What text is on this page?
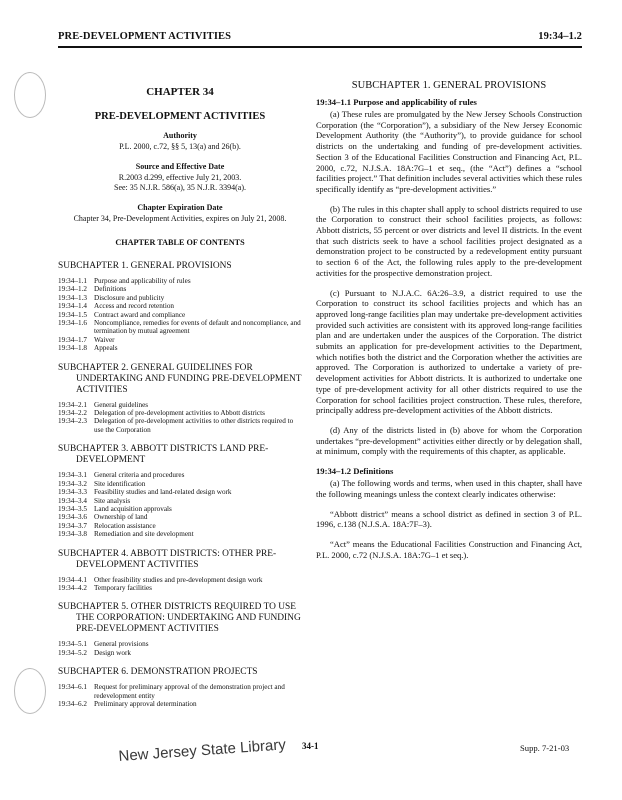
PRE-DEVELOPMENT ACTIVITIES	19:34–1.2

CHAPTER 34

PRE-DEVELOPMENT ACTIVITIES

Authority

P.L. 2000, c.72, §§ 5, 13(a) and 26(b).

Source and Effective Date

R.2003 d.299, effective July 21, 2003.

See: 35 N.J.R. 586(a), 35 N.J.R. 3394(a).

Chapter Expiration Date

Chapter 34, Pre-Development Activities, expires on July 21, 2008.

CHAPTER TABLE OF CONTENTS

SUBCHAPTER 1. GENERAL PROVISIONS

19:34–1.1 Purpose and applicability of rules
19:34–1.2 Definitions
19:34–1.3 Disclosure and publicity
19:34–1.4 Access and record retention
19:34–1.5 Contract award and compliance
19:34–1.6 Noncompliance, remedies for events of default and noncompliance, and termination by mutual agreement
19:34–1.7 Waiver
19:34–1.8 Appeals

SUBCHAPTER 2. GENERAL GUIDELINES FOR UNDERTAKING AND FUNDING PRE-DEVELOPMENT ACTIVITIES

19:34–2.1 General guidelines
19:34–2.2 Delegation of pre-development activities to Abbott districts
19:34–2.3 Delegation of pre-development activities to other districts required to use the Corporation

SUBCHAPTER 3. ABBOTT DISTRICTS LAND PRE-DEVELOPMENT

19:34–3.1 General criteria and procedures
19:34–3.2 Site identification
19:34–3.3 Feasibility studies and land-related design work
19:34–3.4 Site analysis
19:34–3.5 Land acquisition approvals
19:34–3.6 Ownership of land
19:34–3.7 Relocation assistance
19:34–3.8 Remediation and site development

SUBCHAPTER 4. ABBOTT DISTRICTS: OTHER PRE-DEVELOPMENT ACTIVITIES

19:34–4.1 Other feasibility studies and pre-development design work
19:34–4.2 Temporary facilities

SUBCHAPTER 5. OTHER DISTRICTS REQUIRED TO USE THE CORPORATION: UNDERTAKING AND FUNDING PRE-DEVELOPMENT ACTIVITIES

19:34–5.1 General provisions
19:34–5.2 Design work

SUBCHAPTER 6. DEMONSTRATION PROJECTS

19:34–6.1 Request for preliminary approval of the demonstration project and redevelopment entity
19:34–6.2 Preliminary approval determination

SUBCHAPTER 1. GENERAL PROVISIONS

19:34–1.1 Purpose and applicability of rules

(a) These rules are promulgated by the New Jersey Schools Construction Corporation (the “Corporation”), a subsidiary of the New Jersey Economic Development Authority (the “Authority”), to provide guidance for school districts on the undertaking and funding of pre-development activities. Section 3 of the Educational Facilities Construction and Financing Act, P.L. 2000, c.72, N.J.S.A. 18A:7G–1 et seq., (the “Act”) defines a “school facilities project.” That definition includes several activities which these rules specifically identify as “pre-development activities.”

(b) The rules in this chapter shall apply to school districts required to use the Corporation to construct their school facilities projects, as follows: Abbott districts, 55 percent or over districts and level II districts. In the event that such districts seek to have a school facilities project designated as a demonstration project to be constructed by a redevelopment entity pursuant to section 6 of the Act, the following rules apply to the pre-development activities for the prospective demonstration project.

(c) Pursuant to N.J.A.C. 6A:26–3.9, a district required to use the Corporation to construct its school facilities projects and which has an approved long-range facilities plan may undertake pre-development activities provided such activities are consistent with its approved long-range facilities plan and are undertaken under the auspices of the Corporation. The district submits an application for pre-development activities to the Department, which notifies both the district and the Corporation whether the activities are approved. The Corporation is authorized to undertake a variety of pre-development activities for Abbott districts. It is authorized to undertake one type of pre-development activity for all other districts required to use the Corporation for school facilities project construction. These rules, therefore, principally address pre-development activities of the Abbott districts.

(d) Any of the districts listed in (b) above for whom the Corporation undertakes “pre-development” activities either directly or by delegation shall, at minimum, comply with the requirements of this chapter, as applicable.

19:34–1.2 Definitions

(a) The following words and terms, when used in this chapter, shall have the following meanings unless the context clearly indicates otherwise:

“Abbott district” means a school district as defined in section 3 of P.L. 1996, c.138 (N.J.S.A. 18A:7F–3).

“Act” means the Educational Facilities Construction and Financing Act, P.L. 2000, c.72 (N.J.S.A. 18A:7G–1 et seq.).

34-1	Supp. 7-21-03
New Jersey State Library
